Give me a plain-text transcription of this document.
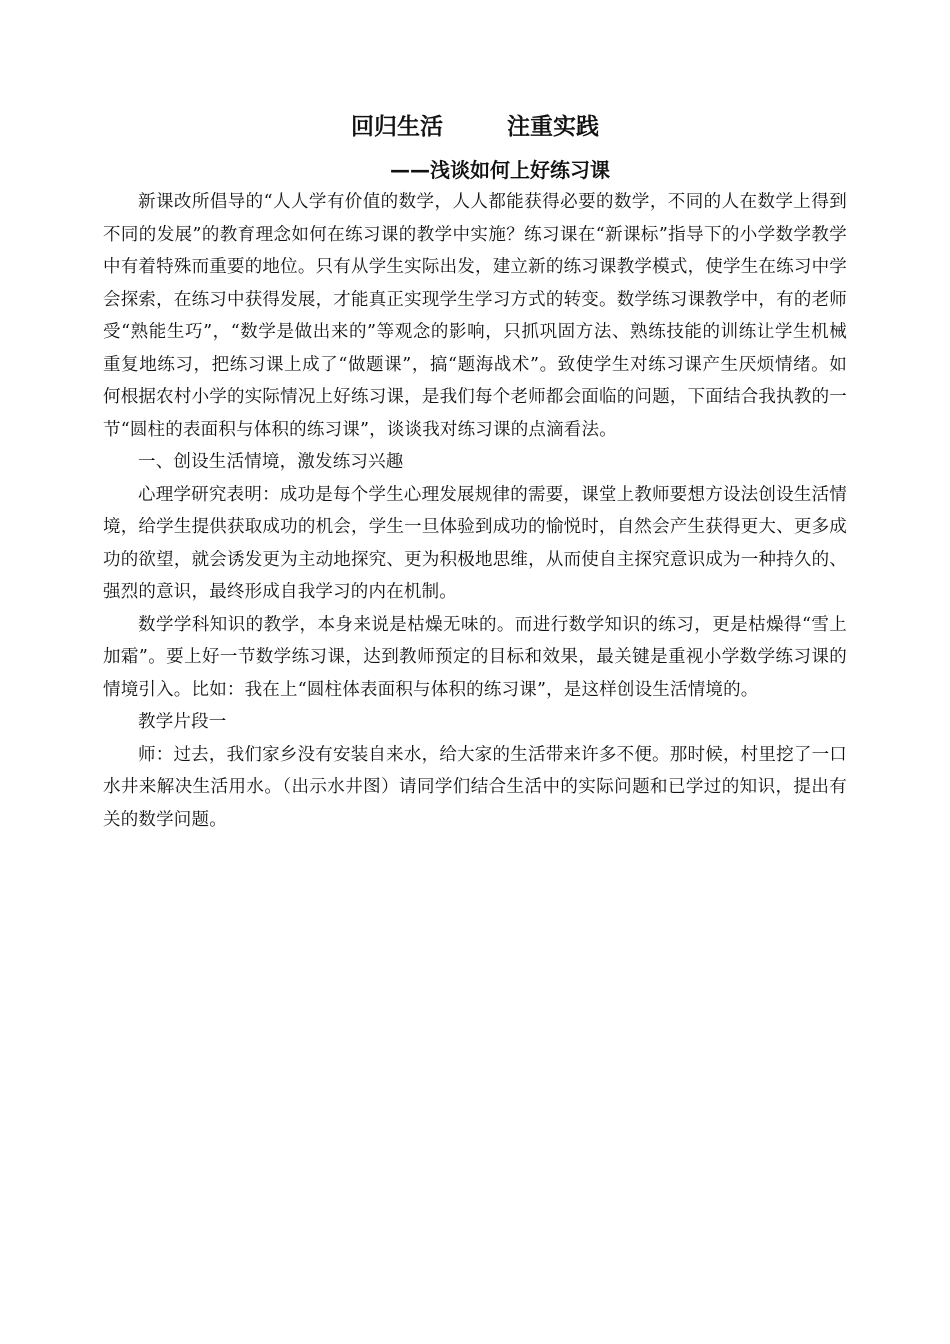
回归生活        注重实践
——浅谈如何上好练习课

新课改所倡导的“人人学有价值的数学，人人都能获得必要的数学，不同的人在数学上得到不同的发展”的教育理念如何在练习课的教学中实施？练习课在“新课标”指导下的小学数学教学中有着特殊而重要的地位。只有从学生实际出发，建立新的练习课教学模式，使学生在练习中学会探索，在练习中获得发展，才能真正实现学生学习方式的转变。数学练习课教学中，有的老师受“熟能生巧”，“数学是做出来的”等观念的影响，只抓巩固方法、熟练技能的训练让学生机械重复地练习，把练习课上成了“做题课”，搞“题海战术”。致使学生对练习课产生厌烦情绪。如何根据农村小学的实际情况上好练习课，是我们每个老师都会面临的问题，下面结合我执教的一节“圆柱的表面积与体积的练习课”，谈谈我对练习课的点滴看法。

一、创设生活情境，激发练习兴趣

心理学研究表明：成功是每个学生心理发展规律的需要，课堂上教师要想方设法创设生活情境，给学生提供获取成功的机会，学生一旦体验到成功的愉悦时，自然会产生获得更大、更多成功的欲望，就会诱发更为主动地探究、更为积极地思维，从而使自主探究意识成为一种持久的、强烈的意识，最终形成自我学习的内在机制。

数学学科知识的教学，本身来说是枯燥无味的。而进行数学知识的练习，更是枯燥得“雪上加霜”。要上好一节数学练习课，达到教师预定的目标和效果，最关键是重视小学数学练习课的情境引入。比如：我在上“圆柱体表面积与体积的练习课”，是这样创设生活情境的。

教学片段一

师：过去，我们家乡没有安装自来水，给大家的生活带来许多不便。那时候，村里挖了一口水井来解决生活用水。（出示水井图）请同学们结合生活中的实际问题和已学过的知识，提出有关的数学问题。
